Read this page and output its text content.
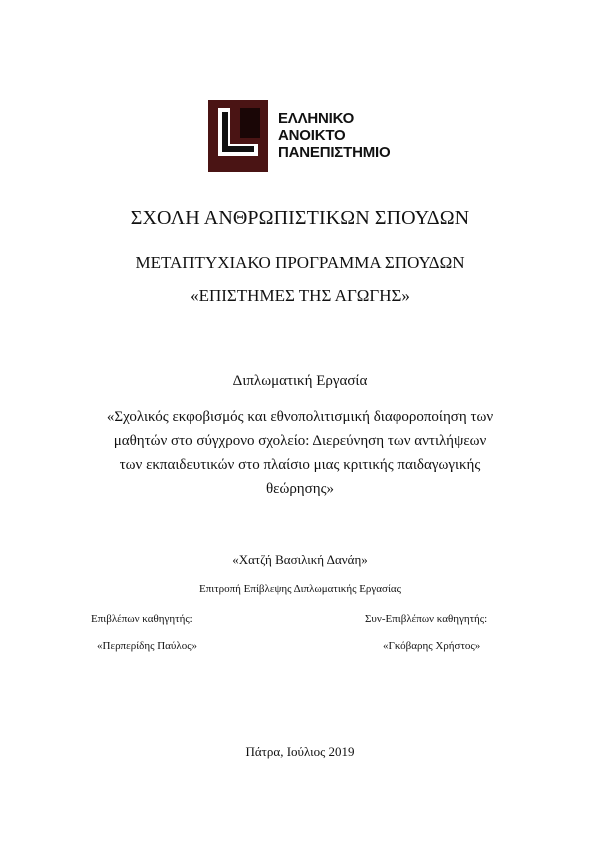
ΕΛΛΗΝΙΚΟ
ΑΝΟΙΚΤΟ
ΠΑΝΕΠΙΣΤΗΜΙΟ
ΣΧΟΛΗ ΑΝΘΡΩΠΙΣΤΙΚΩΝ ΣΠΟΥΔΩΝ
ΜΕΤΑΠΤΥΧΙΑΚΟ ΠΡΟΓΡΑΜΜΑ ΣΠΟΥΔΩΝ
«ΕΠΙΣΤΗΜΕΣ ΤΗΣ ΑΓΩΓΗΣ»
Διπλωματική Εργασία
«Σχολικός εκφοβισμός και εθνοπολιτισμική διαφοροποίηση των
μαθητών στο σύγχρονο σχολείο: Διερεύνηση των αντιλήψεων
των εκπαιδευτικών στο πλαίσιο μιας κριτικής παιδαγωγικής
θεώρησης»
«Χατζή Βασιλική Δανάη»
Επιτροπή Επίβλεψης Διπλωματικής Εργασίας
Επιβλέπων καθηγητής:	Συν-Επιβλέπων καθηγητής:
«Περπερίδης Παύλος»	«Γκόβαρης Χρήστος»
Πάτρα, Ιούλιος 2019
